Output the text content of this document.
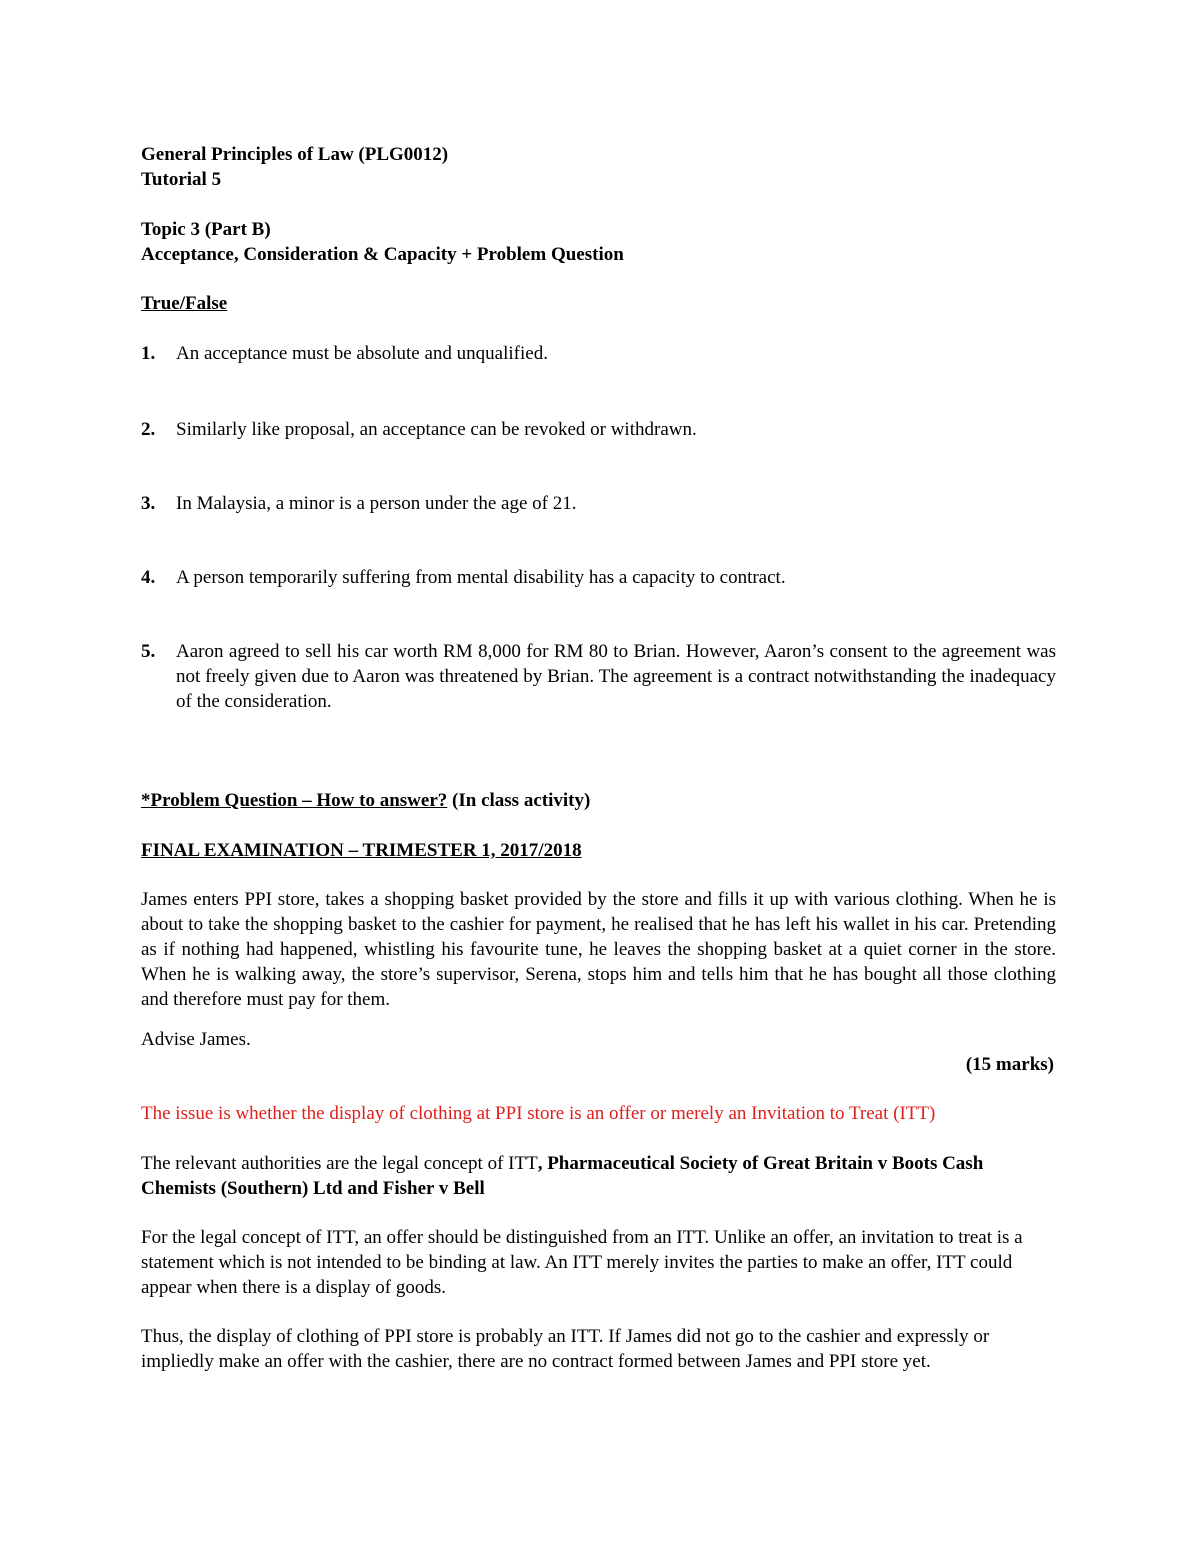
General Principles of Law (PLG0012)
Tutorial 5
Topic 3 (Part B)
Acceptance, Consideration & Capacity + Problem Question
True/False
1. An acceptance must be absolute and unqualified.

2. Similarly like proposal, an acceptance can be revoked or withdrawn.

3. In Malaysia, a minor is a person under the age of 21.

4. A person temporarily suffering from mental disability has a capacity to contract.

5. Aaron agreed to sell his car worth RM 8,000 for RM 80 to Brian. However, Aaron’s consent to the agreement was not freely given due to Aaron was threatened by Brian. The agreement is a contract notwithstanding the inadequacy of the consideration.

*Problem Question – How to answer? (In class activity)
FINAL EXAMINATION – TRIMESTER 1, 2017/2018

James enters PPI store, takes a shopping basket provided by the store and fills it up with various clothing. When he is about to take the shopping basket to the cashier for payment, he realised that he has left his wallet in his car. Pretending as if nothing had happened, whistling his favourite tune, he leaves the shopping basket at a quiet corner in the store. When he is walking away, the store’s supervisor, Serena, stops him and tells him that he has bought all those clothing and therefore must pay for them.

Advise James.
(15 marks)
The issue is whether the display of clothing at PPI store is an offer or merely an Invitation to Treat (ITT)

The relevant authorities are the legal concept of ITT, Pharmaceutical Society of Great Britain v Boots Cash Chemists (Southern) Ltd and Fisher v Bell

For the legal concept of ITT, an offer should be distinguished from an ITT. Unlike an offer, an invitation to treat is a statement which is not intended to be binding at law. An ITT merely invites the parties to make an offer, ITT could appear when there is a display of goods.

Thus, the display of clothing of PPI store is probably an ITT. If James did not go to the cashier and expressly or impliedly make an offer with the cashier, there are no contract formed between James and PPI store yet.
